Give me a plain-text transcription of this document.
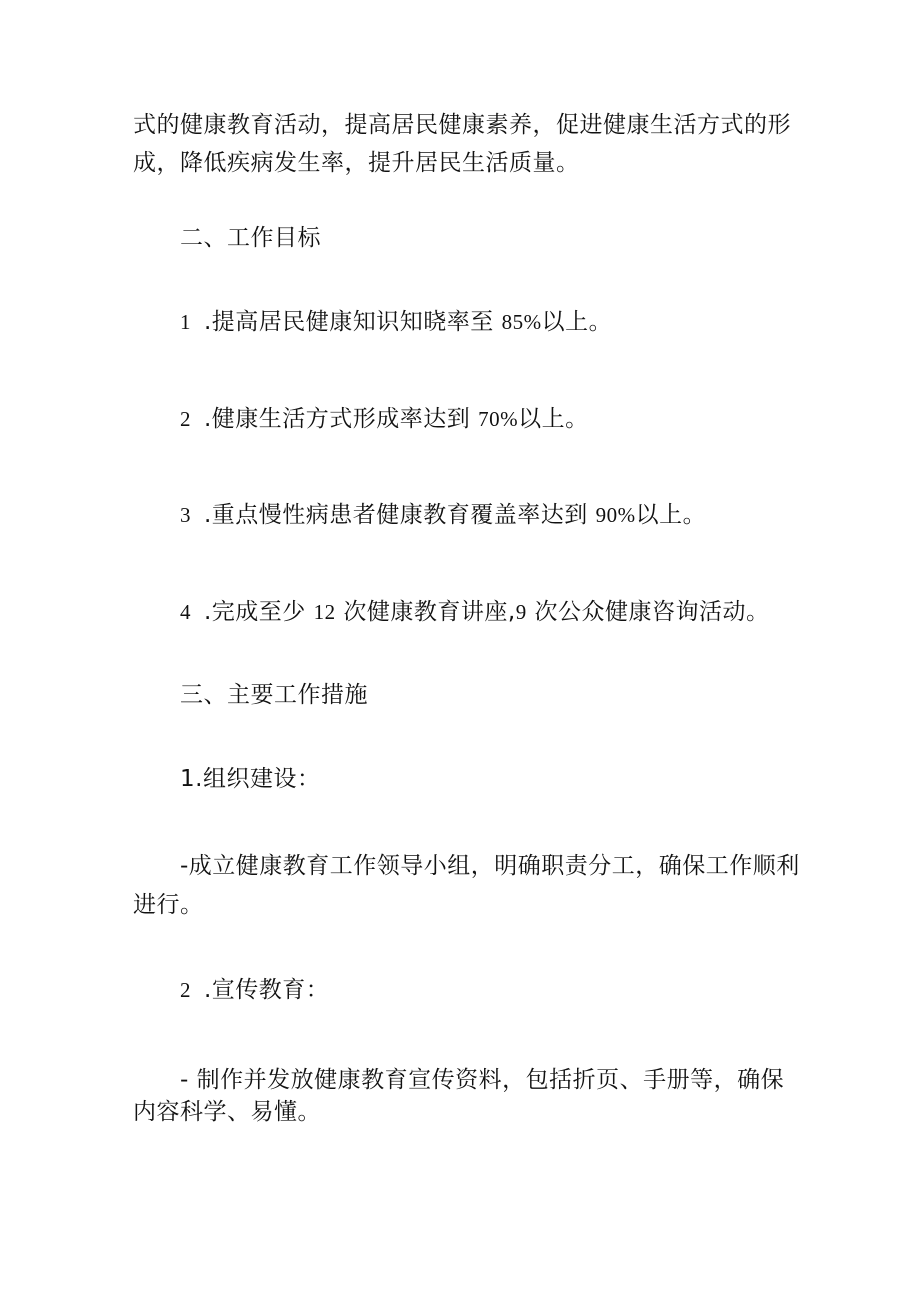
式的健康教育活动，提高居民健康素养，促进健康生活方式的形
成，降低疾病发生率，提升居民生活质量。
二、工作目标
1 .提高居民健康知识知晓率至 85%以上。
2 .健康生活方式形成率达到 70%以上。
3 .重点慢性病患者健康教育覆盖率达到 90%以上。
4 .完成至少 12 次健康教育讲座,9 次公众健康咨询活动。
三、主要工作措施
1.组织建设：
-成立健康教育工作领导小组，明确职责分工，确保工作顺利
进行。
2 .宣传教育：
- 制作并发放健康教育宣传资料，包括折页、手册等，确保
内容科学、易懂。
